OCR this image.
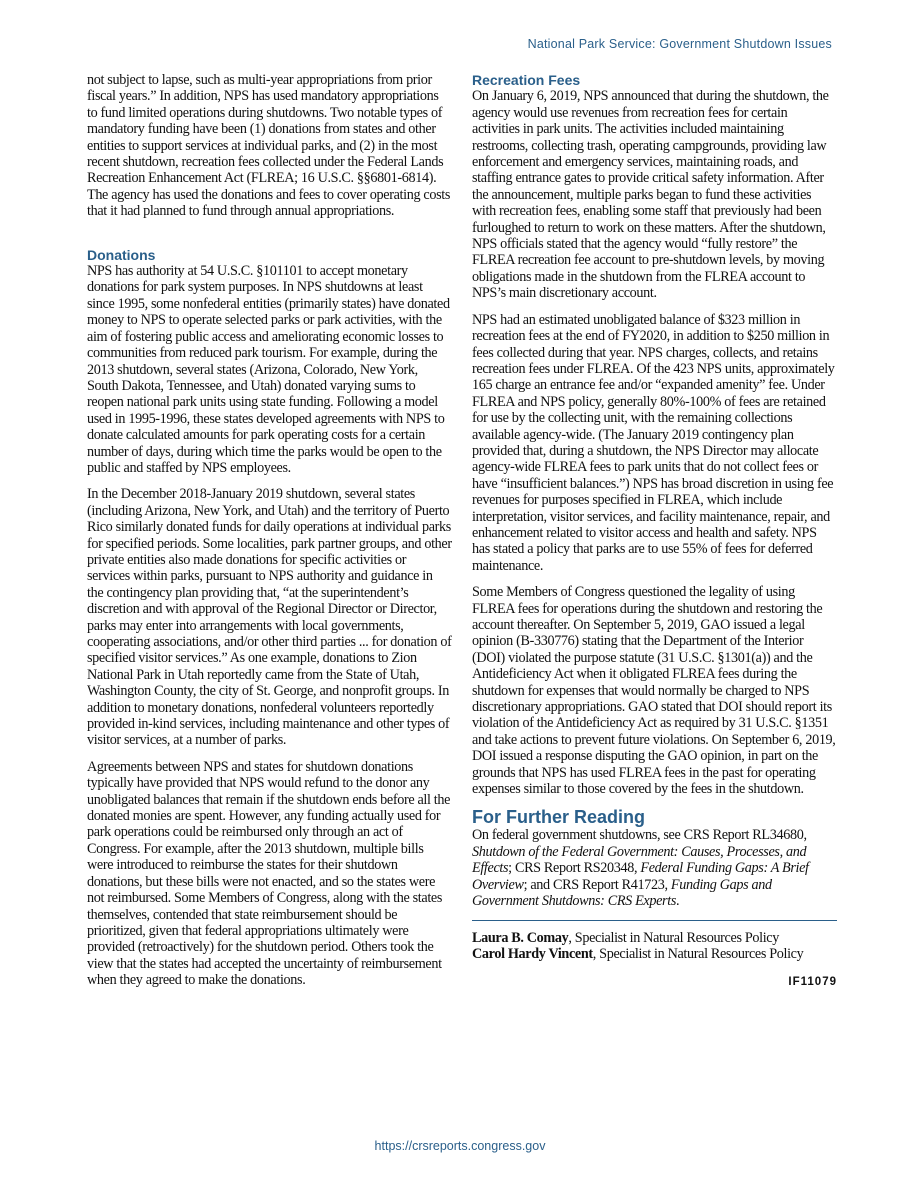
National Park Service: Government Shutdown Issues

not subject to lapse, such as multi-year appropriations from prior fiscal years.” In addition, NPS has used mandatory appropriations to fund limited operations during shutdowns. Two notable types of mandatory funding have been (1) donations from states and other entities to support services at individual parks, and (2) in the most recent shutdown, recreation fees collected under the Federal Lands Recreation Enhancement Act (FLREA; 16 U.S.C. §§6801-6814). The agency has used the donations and fees to cover operating costs that it had planned to fund through annual appropriations.

Donations

NPS has authority at 54 U.S.C. §101101 to accept monetary donations for park system purposes. In NPS shutdowns at least since 1995, some nonfederal entities (primarily states) have donated money to NPS to operate selected parks or park activities, with the aim of fostering public access and ameliorating economic losses to communities from reduced park tourism. For example, during the 2013 shutdown, several states (Arizona, Colorado, New York, South Dakota, Tennessee, and Utah) donated varying sums to reopen national park units using state funding. Following a model used in 1995-1996, these states developed agreements with NPS to donate calculated amounts for park operating costs for a certain number of days, during which time the parks would be open to the public and staffed by NPS employees.

In the December 2018-January 2019 shutdown, several states (including Arizona, New York, and Utah) and the territory of Puerto Rico similarly donated funds for daily operations at individual parks for specified periods. Some localities, park partner groups, and other private entities also made donations for specific activities or services within parks, pursuant to NPS authority and guidance in the contingency plan providing that, “at the superintendent’s discretion and with approval of the Regional Director or Director, parks may enter into arrangements with local governments, cooperating associations, and/or other third parties ... for donation of specified visitor services.” As one example, donations to Zion National Park in Utah reportedly came from the State of Utah, Washington County, the city of St. George, and nonprofit groups. In addition to monetary donations, nonfederal volunteers reportedly provided in-kind services, including maintenance and other types of visitor services, at a number of parks.

Agreements between NPS and states for shutdown donations typically have provided that NPS would refund to the donor any unobligated balances that remain if the shutdown ends before all the donated monies are spent. However, any funding actually used for park operations could be reimbursed only through an act of Congress. For example, after the 2013 shutdown, multiple bills were introduced to reimburse the states for their shutdown donations, but these bills were not enacted, and so the states were not reimbursed. Some Members of Congress, along with the states themselves, contended that state reimbursement should be prioritized, given that federal appropriations ultimately were provided (retroactively) for the shutdown period. Others took the view that the states had accepted the uncertainty of reimbursement when they agreed to make the donations.

Recreation Fees

On January 6, 2019, NPS announced that during the shutdown, the agency would use revenues from recreation fees for certain activities in park units. The activities included maintaining restrooms, collecting trash, operating campgrounds, providing law enforcement and emergency services, maintaining roads, and staffing entrance gates to provide critical safety information. After the announcement, multiple parks began to fund these activities with recreation fees, enabling some staff that previously had been furloughed to return to work on these matters. After the shutdown, NPS officials stated that the agency would “fully restore” the FLREA recreation fee account to pre-shutdown levels, by moving obligations made in the shutdown from the FLREA account to NPS’s main discretionary account.

NPS had an estimated unobligated balance of $323 million in recreation fees at the end of FY2020, in addition to $250 million in fees collected during that year. NPS charges, collects, and retains recreation fees under FLREA. Of the 423 NPS units, approximately 165 charge an entrance fee and/or “expanded amenity” fee. Under FLREA and NPS policy, generally 80%-100% of fees are retained for use by the collecting unit, with the remaining collections available agency-wide. (The January 2019 contingency plan provided that, during a shutdown, the NPS Director may allocate agency-wide FLREA fees to park units that do not collect fees or have “insufficient balances.”) NPS has broad discretion in using fee revenues for purposes specified in FLREA, which include interpretation, visitor services, and facility maintenance, repair, and enhancement related to visitor access and health and safety. NPS has stated a policy that parks are to use 55% of fees for deferred maintenance.

Some Members of Congress questioned the legality of using FLREA fees for operations during the shutdown and restoring the account thereafter. On September 5, 2019, GAO issued a legal opinion (B-330776) stating that the Department of the Interior (DOI) violated the purpose statute (31 U.S.C. §1301(a)) and the Antideficiency Act when it obligated FLREA fees during the shutdown for expenses that would normally be charged to NPS discretionary appropriations. GAO stated that DOI should report its violation of the Antideficiency Act as required by 31 U.S.C. §1351 and take actions to prevent future violations. On September 6, 2019, DOI issued a response disputing the GAO opinion, in part on the grounds that NPS has used FLREA fees in the past for operating expenses similar to those covered by the fees in the shutdown.

For Further Reading

On federal government shutdowns, see CRS Report RL34680, Shutdown of the Federal Government: Causes, Processes, and Effects; CRS Report RS20348, Federal Funding Gaps: A Brief Overview; and CRS Report R41723, Funding Gaps and Government Shutdowns: CRS Experts.

Laura B. Comay, Specialist in Natural Resources Policy

Carol Hardy Vincent, Specialist in Natural Resources Policy

IF11079
https://crsreports.congress.gov
